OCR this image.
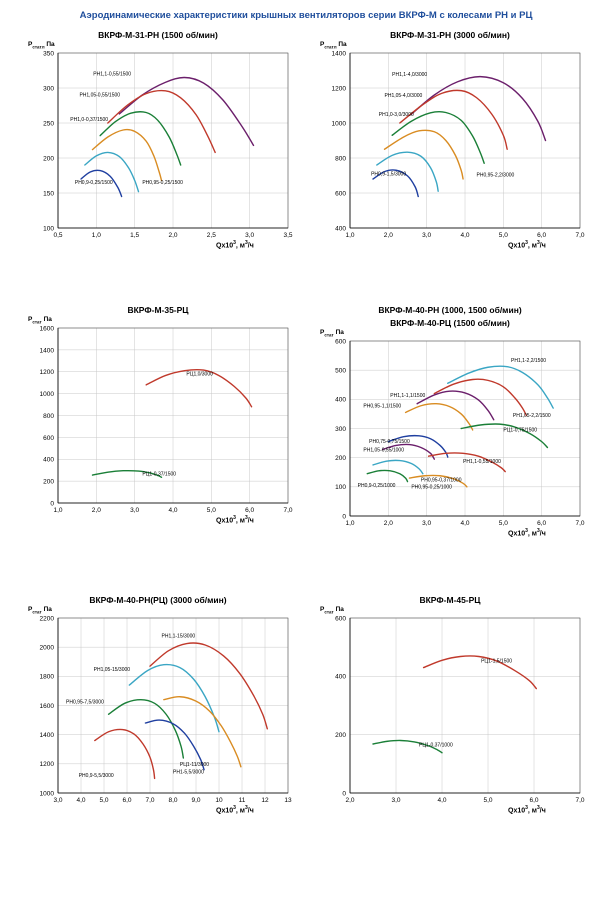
Аэродинамические характеристики крышных вентиляторов серии ВКРФ-М с колесами РН и РЦ
ВКРФ-М-31-РН (1500 об/мин)
100
150
200
250
300
350
0,5	1,0	1,5	2,0	2,5	3,0	3,5
РН1,1-0,55/1500
РН1,05-0,55/1500
РН1,0-0,37/1500
РН0,95-0,25/1500
РН0,9-0,25/1500
$Р_{статл}$ Па
$Qх10^3$, $м^3/ч$
ВКРФ-М-31-РН (3000 об/мин)
400
600
800
1000
1200
1400
1,0	2,0	3,0	4,0	5,0	6,0	7,0
РН1,1-4,0/3000
РН1,05-4,0/3000
РН1,0-3,0/3000
РН0,95-2,2/3000
РН0,9-1,5/3000
$Р_{статл}$ Па
$Qх10^3$, $м^3/ч$
ВКРФ-М-35-РЦ
0
200
400
600
800
1000
1200
1400
1600
1,0	2,0	3,0	4,0	5,0	6,0	7,0
РЦ1,0/3000
РЦ1-0,37/1500
$Р_{стат}$ Па
$Qх10^3$, $м^3/ч$
ВКРФ-М-40-РН (1000, 1500 об/мин)
ВКРФ-М-40-РЦ (1500 об/мин)
0
100
200
300
400
500
600
1,0	2,0	3,0	4,0	5,0	6,0	7,0
РН1,1-2,2/1500
РН1,05-2,2/1500
РН1,1-1,1/1500
РН0,95-1,1/1500
РЦ1-0,75/1500
РН0,75-0,75/1500
РН1,05-0,55/1000
РН1,1-0,55/1000
РН0,95-0,37/1000
РН0,9-0,25/1000	РН0,95-0,25/1000
$Р_{стат}$ Па
$Qх10^3$, $м^3/ч$
ВКРФ-М-40-РН(РЦ) (3000 об/мин)
1000
1200
1400
1600
1800
2000
2200
3,0 4,0 5,0 6,0 7,0 8,0 9,0 10 11 12 13
РН1,1-15/3000
РН1,05-15/3000
РН0,95-7,5/3000
РЦ1-11/3000
РН1-5,5/3000
РН0,9-5,5/3000
$Р_{стат}$ Па
$Qх10^3$, $м^3/ч$
ВКРФ-М-45-РЦ
0
200
400
600
2,0	3,0	4,0	5,0	6,0	7,0
РЦ1-1,5/1500
РЦ1-0,37/1000
$Р_{стат}$ Па
$Qх10^3$, $м^3/ч$
